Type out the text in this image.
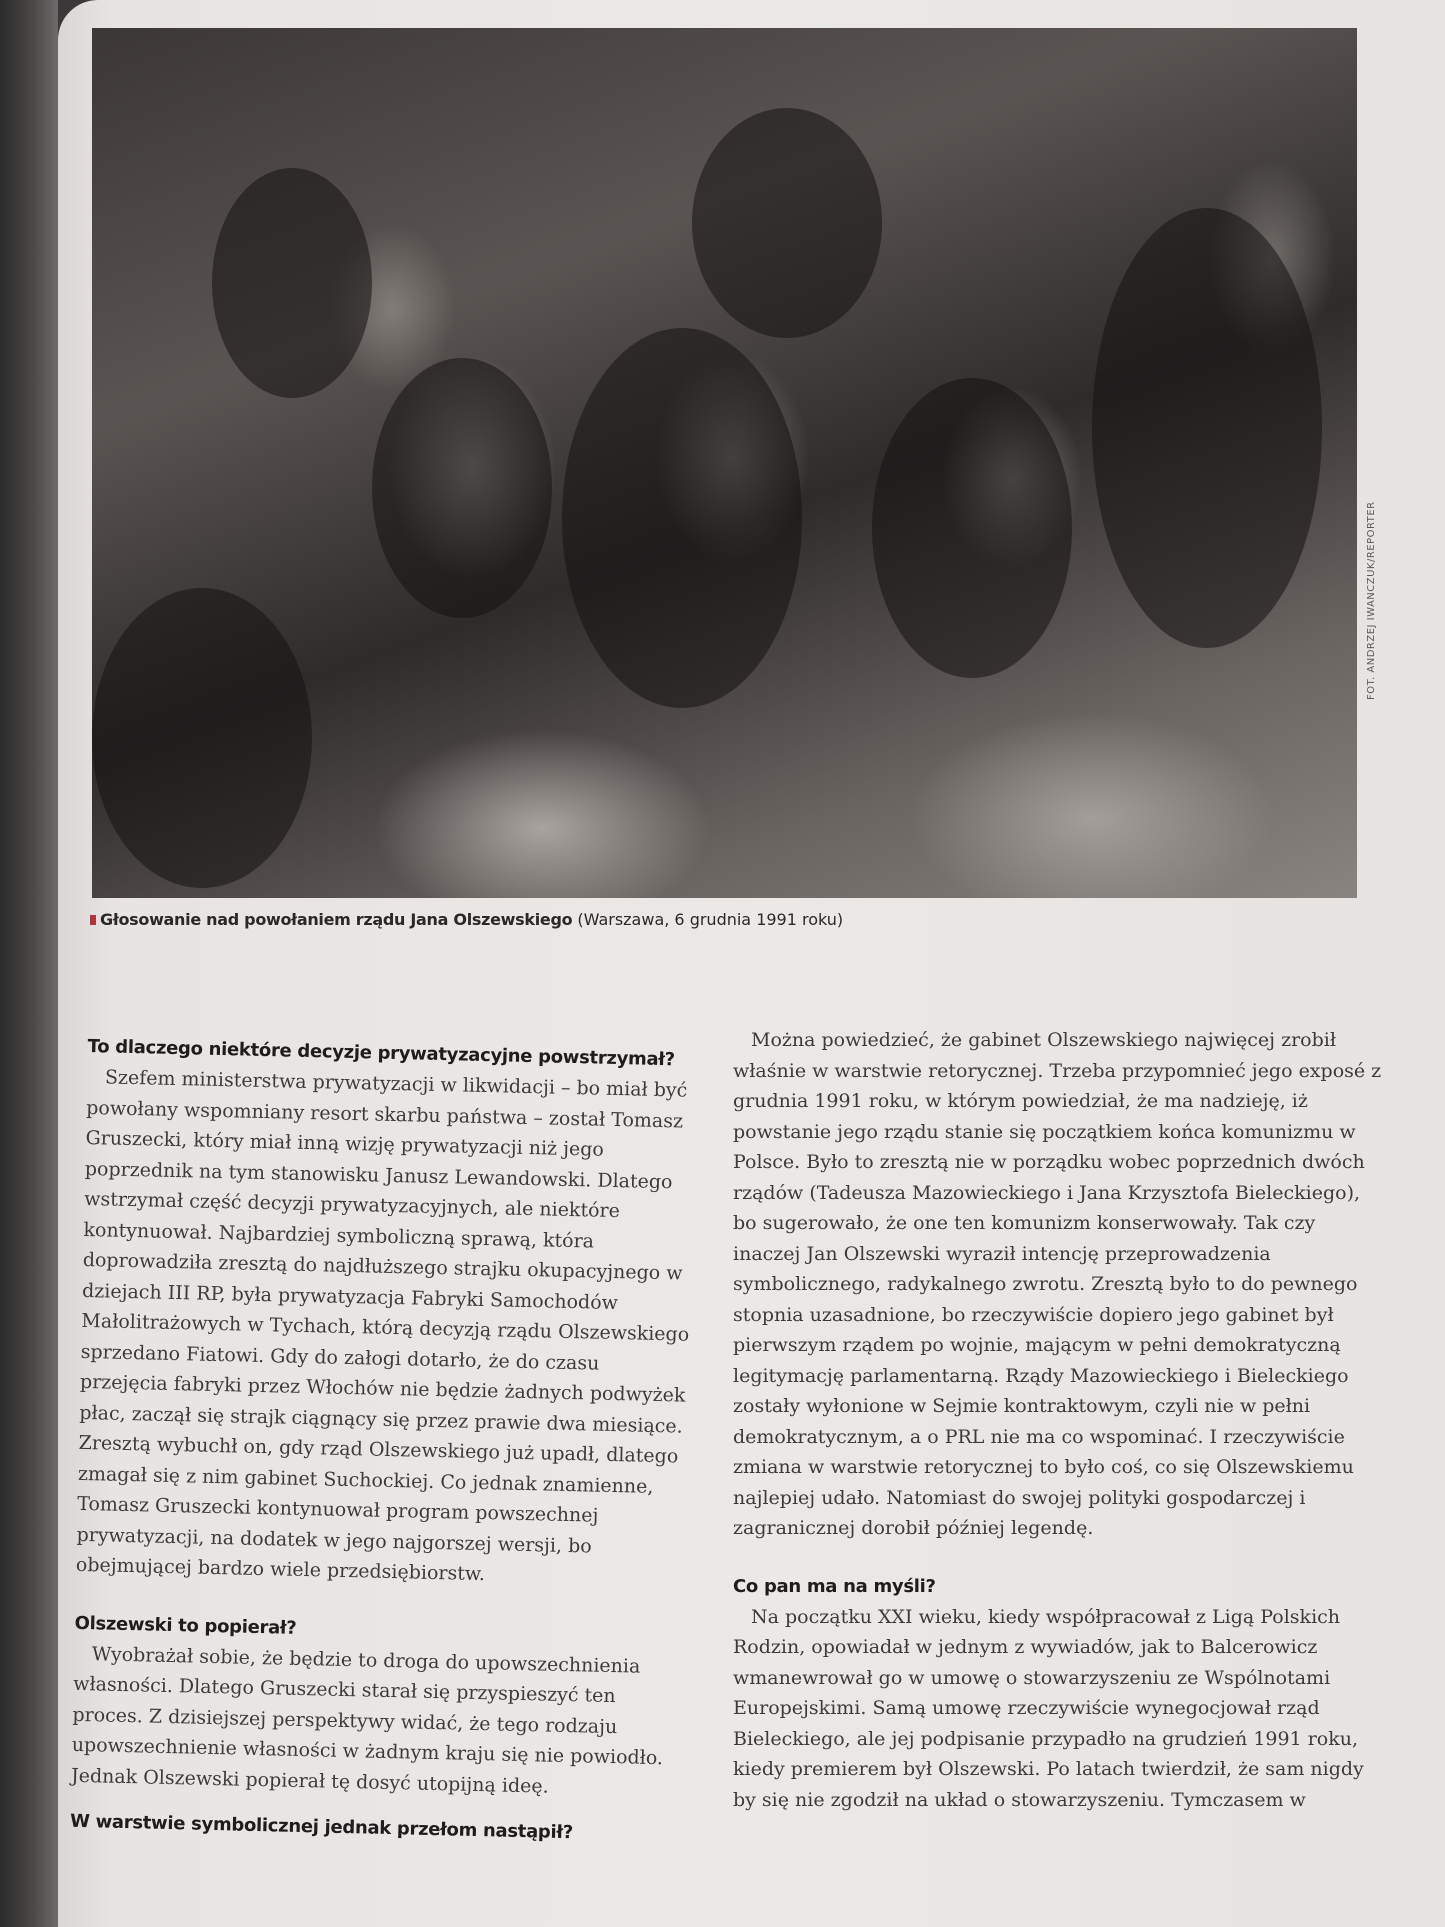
FOT. ANDRZEJ IWANCZUK/REPORTER
Głosowanie nad powołaniem rządu Jana Olszewskiego (Warszawa, 6 grudnia 1991 roku)
To dlaczego niektóre decyzje prywatyzacyjne powstrzymał?

Szefem ministerstwa prywatyzacji w likwidacji – bo miał być powołany wspomniany resort skarbu państwa – został Tomasz Gruszecki, który miał inną wizję prywatyzacji niż jego poprzednik na tym stanowisku Janusz Lewandowski. Dlatego wstrzymał część decyzji prywatyzacyjnych, ale niektóre kontynuował. Najbardziej symboliczną sprawą, która doprowadziła zresztą do najdłuższego strajku okupacyjnego w dziejach III RP, była prywatyzacja Fabryki Samochodów Małolitrażowych w Tychach, którą decyzją rządu Olszewskiego sprzedano Fiatowi. Gdy do załogi dotarło, że do czasu przejęcia fabryki przez Włochów nie będzie żadnych podwyżek płac, zaczął się strajk ciągnący się przez prawie dwa miesiące. Zresztą wybuchł on, gdy rząd Olszewskiego już upadł, dlatego zmagał się z nim gabinet Suchockiej. Co jednak znamienne, Tomasz Gruszecki kontynuował program powszechnej prywatyzacji, na dodatek w jego najgorszej wersji, bo obejmującej bardzo wiele przedsiębiorstw.

Olszewski to popierał?

Wyobrażał sobie, że będzie to droga do upowszechnienia własności. Dlatego Gruszecki starał się przyspieszyć ten proces. Z dzisiejszej perspektywy widać, że tego rodzaju upowszechnienie własności w żadnym kraju się nie powiodło. Jednak Olszewski popierał tę dosyć utopijną ideę.

W warstwie symbolicznej jednak przełom nastąpił?

Można powiedzieć, że gabinet Olszewskiego najwięcej zrobił właśnie w warstwie retorycznej. Trzeba przypomnieć jego exposé z grudnia 1991 roku, w którym powiedział, że ma nadzieję, iż powstanie jego rządu stanie się początkiem końca komunizmu w Polsce. Było to zresztą nie w porządku wobec poprzednich dwóch rządów (Tadeusza Mazowieckiego i Jana Krzysztofa Bieleckiego), bo sugerowało, że one ten komunizm konserwowały. Tak czy inaczej Jan Olszewski wyraził intencję przeprowadzenia symbolicznego, radykalnego zwrotu. Zresztą było to do pewnego stopnia uzasadnione, bo rzeczywiście dopiero jego gabinet był pierwszym rządem po wojnie, mającym w pełni demokratyczną legitymację parlamentarną. Rządy Mazowieckiego i Bieleckiego zostały wyłonione w Sejmie kontraktowym, czyli nie w pełni demokratycznym, a o PRL nie ma co wspominać. I rzeczywiście zmiana w warstwie retorycznej to było coś, co się Olszewskiemu najlepiej udało. Natomiast do swojej polityki gospodarczej i zagranicznej dorobił później legendę.

Co pan ma na myśli?

Na początku XXI wieku, kiedy współpracował z Ligą Polskich Rodzin, opowiadał w jednym z wywiadów, jak to Balcerowicz wmanewrował go w umowę o stowarzyszeniu ze Wspólnotami Europejskimi. Samą umowę rzeczywiście wynegocjował rząd Bieleckiego, ale jej podpisanie przypadło na grudzień 1991 roku, kiedy premierem był Olszewski. Po latach twierdził, że sam nigdy by się nie zgodził na układ o stowarzyszeniu. Tymczasem w
